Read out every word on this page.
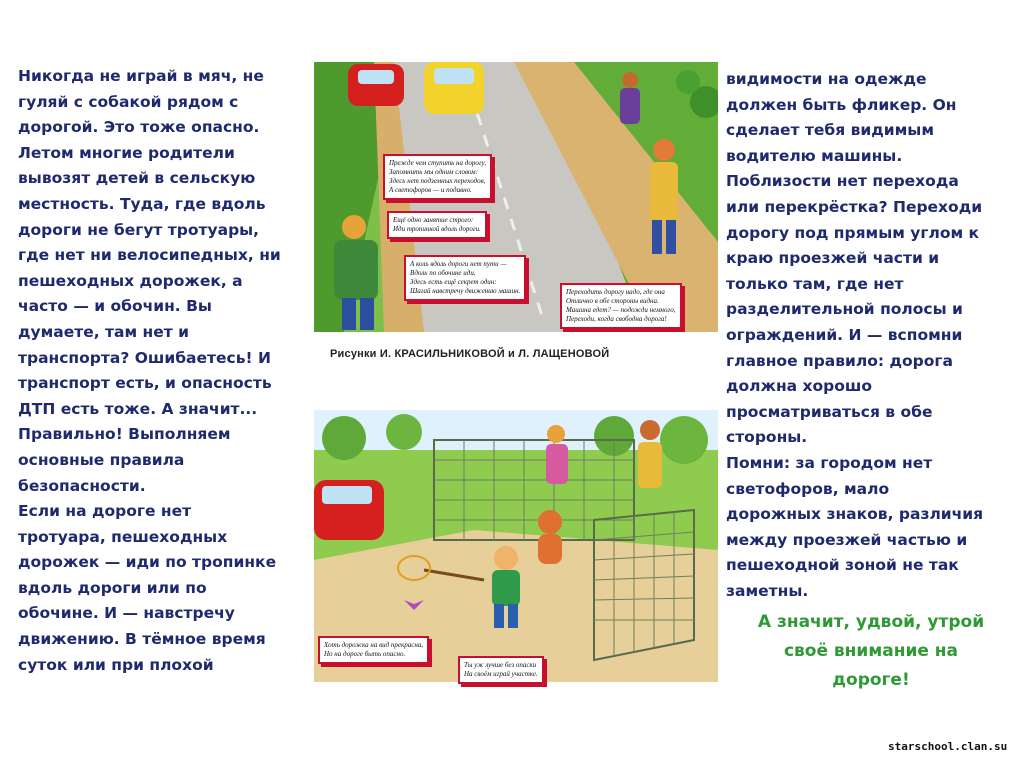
Никогда не играй в мяч, не
гуляй с собакой рядом с
дорогой. Это тоже опасно.
Летом многие родители
вывозят детей в сельскую
местность. Туда, где вдоль
дороги не бегут тротуары,
где нет ни велосипедных, ни
пешеходных дорожек, а
часто — и обочин. Вы
думаете, там нет и
транспорта? Ошибаетесь! И
транспорт есть, и опасность
ДТП есть тоже. А значит...
Правильно! Выполняем
основные правила
безопасности.
Если на дороге нет
тротуара, пешеходных
дорожек — иди по тропинке
вдоль дороги или по
обочине. И — навстречу
движению. В тёмное время
суток или при плохой
Прежде чем ступить на дорогу,
Запомнить мы одним словом:
Здесь нет подземных переходов,
А светофоров — и подавно.
Ещё одно занятие строго:
Иди тропинкой вдоль дороги.
А коль вдоль дороги нет пути —
Вдоль по обочине иди.
Здесь есть ещё секрет один:
Шагай навстречу движению машин.	Переходить дорогу надо, где она
Отлично в обе стороны видна.
Машина едет? — подожди немного,
Переходи, когда свободна дорога!
Рисунки И. КРАСИЛЬНИКОВОЙ и Л. ЛАЩЕНОВОЙ
Хоть дорожка на вид прекрасна,
Но на дороге быть опасно.
Ты уж лучше без опаски
На своём играй участке.
видимости на одежде
должен быть фликер. Он
сделает тебя видимым
водителю машины.
Поблизости нет перехода
или перекрёстка? Переходи
дорогу под прямым углом к
краю проезжей части и
только там, где нет
разделительной полосы и
ограждений. И — вспомни
главное правило: дорога
должна хорошо
просматриваться в обе
стороны.
Помни: за городом нет
светофоров, мало
дорожных знаков, различия
между проезжей частью и
пешеходной зоной не так
заметны.
А значит, удвой, утрой
своё внимание на
дороге!
starschool.clan.su
